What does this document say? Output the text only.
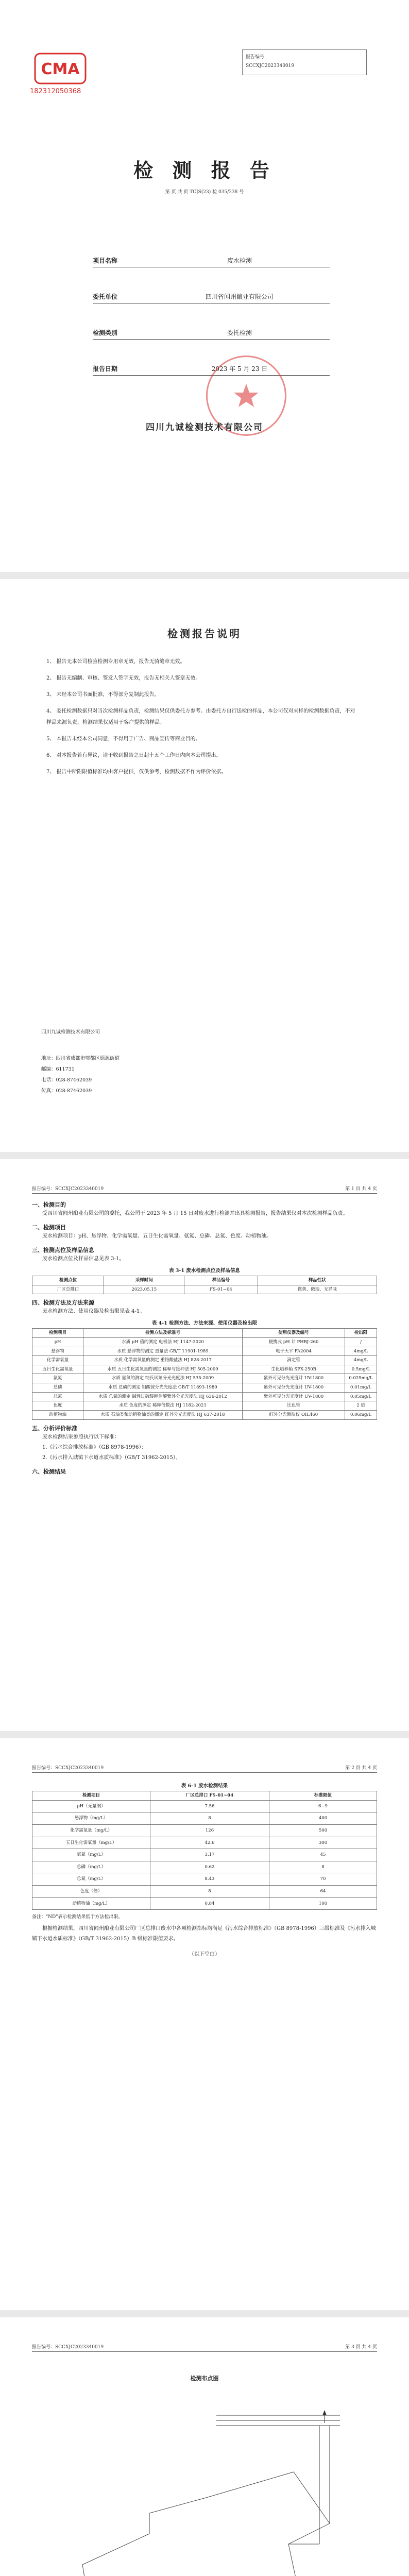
CMA
182312050368
报告编号
SCCXJC2023340019
检 测 报 告
第 页 共 页 TCJS(23) 检 035/238 号
项目名称	废水检测
委托单位	四川省闻州酿业有限公司
检测类别	委托检测
报告日期	2023 年 5 月 23 日
四川九诚检测技术有限公司
检测报告说明
1、 报告无本公司检验检测专用章无效，报告无骑缝章无效。
2、 报告无编制、审核、签发人签字无效，报告无相关人签章无效。
3、 未经本公司书面批准，不得部分复制此报告。
4、 委托检测数据只对当次检测样品负责，检测结果仅供委托方参考。由委托方自行送检的样品，本公司仅对来样的检测数据负责，不对样品来源负责，检测结果仅适用于客户提供的样品。
5、 本报告未经本公司同意，不得用于广告、商品宣传等商业目的。
6、 对本报告若有异议，请于收到报告之日起十五个工作日内向本公司提出。
7、 报告中所附限值标准均由客户提供，仅供参考，检测数据不作为评价依据。
四川九诚检测技术有限公司
地址：四川省成都市郫都区德源街道
邮编：611731
电话：028-87462039
传真：028-87462039
报告编号：SCCXJC2023340019	第 1 页 共 4 页
一、检测目的
受四川省闻州酿业有限公司的委托，我公司于 2023 年 5 月 15 日对废水进行检测并出具检测报告，报告结果仅对本次检测样品负责。
二、检测项目
废水检测项目：pH、悬浮物、化学需氧量、五日生化需氧量、氨氮、总磷、总氮、色度、动植物油。
三、检测点位及样品信息
废水检测点位及样品信息见表 3-1。
表 3-1 废水检测点位及样品信息
检测点位	采样时间	样品编号	样品性状
厂区总排口	2023.05.15	FS-01~04	微黄、微浊、无异味
四、检测方法及方法来源
废水检测方法、使用仪器及检出限见表 4-1。
表 4-1 检测方法、方法来源、使用仪器及检出限
检测项目	检测方法及标准号	使用仪器及编号	检出限
pH	水质 pH 值的测定 电极法 HJ 1147-2020	便携式 pH 计 PHBJ-260	/
悬浮物	水质 悬浮物的测定 重量法 GB/T 11901-1989	电子天平 FA2004	4mg/L
化学需氧量	水质 化学需氧量的测定 重铬酸盐法 HJ 828-2017	滴定管	4mg/L
五日生化需氧量	水质 五日生化需氧量的测定 稀释与接种法 HJ 505-2009	生化培养箱 SPX-250B	0.5mg/L
氨氮	水质 氨氮的测定 纳氏试剂分光光度法 HJ 535-2009	紫外可见分光光度计 UV-1800	0.025mg/L
总磷	水质 总磷的测定 钼酸铵分光光度法 GB/T 11893-1989	紫外可见分光光度计 UV-1800	0.01mg/L
总氮	水质 总氮的测定 碱性过硫酸钾消解紫外分光光度法 HJ 636-2012	紫外可见分光光度计 UV-1800	0.05mg/L
色度	水质 色度的测定 稀释倍数法 HJ 1182-2021	比色管	2 倍
动植物油	水质 石油类和动植物油类的测定 红外分光光度法 HJ 637-2018	红外分光测油仪 OIL460	0.06mg/L
五、分析评价标准
废水检测结果参照执行以下标准：
1.《污水综合排放标准》（GB 8978-1996）；
2.《污水排入城镇下水道水质标准》（GB/T 31962-2015）。
六、检测结果
报告编号：SCCXJC2023340019	第 2 页 共 4 页
表 6-1 废水检测结果
检测项目	厂区总排口 FS-01~04	标准限值
pH（无量纲）	7.56	6~9
悬浮物（mg/L）	8	400
化学需氧量（mg/L）	126	500
五日生化需氧量（mg/L）	42.6	300
氨氮（mg/L）	3.17	45
总磷（mg/L）	0.62	8
总氮（mg/L）	8.43	70
色度（倍）	8	64
动植物油（mg/L）	0.84	100
备注："ND"表示检测结果低于方法检出限。
根据检测结果，四川省闻州酿业有限公司厂区总排口废水中各项检测指标均满足《污水综合排放标准》（GB 8978-1996）三级标准及《污水排入城镇下水道水质标准》（GB/T 31962-2015）B 级标准限值要求。
（以下空白）
报告编号：SCCXJC2023340019	第 3 页 共 4 页
检测布点图
